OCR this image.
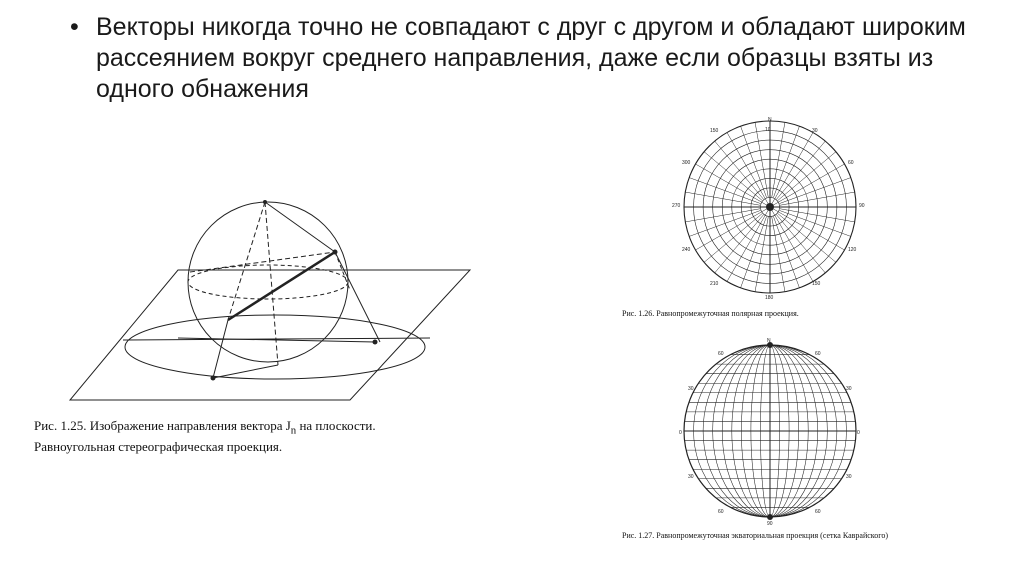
• Векторы никогда точно не совпадают с друг с другом и обладают широким рассеянием вокруг среднего направления, даже если образцы взяты из одного обнажения
Рис. 1.25. Изображение направления вектора $J_n$ на плоскости.
Равноугольная стереографическая проекция.
N
150	10	30
300	60
270	90
240	120
210	150
180
Рис. 1.26. Равнопромежуточная полярная проекция.
N
60	60
30	30
0	0
30	30
60	60
90
Рис. 1.27. Равнопромежуточная экваториальная проекция (сетка Каврайского)
